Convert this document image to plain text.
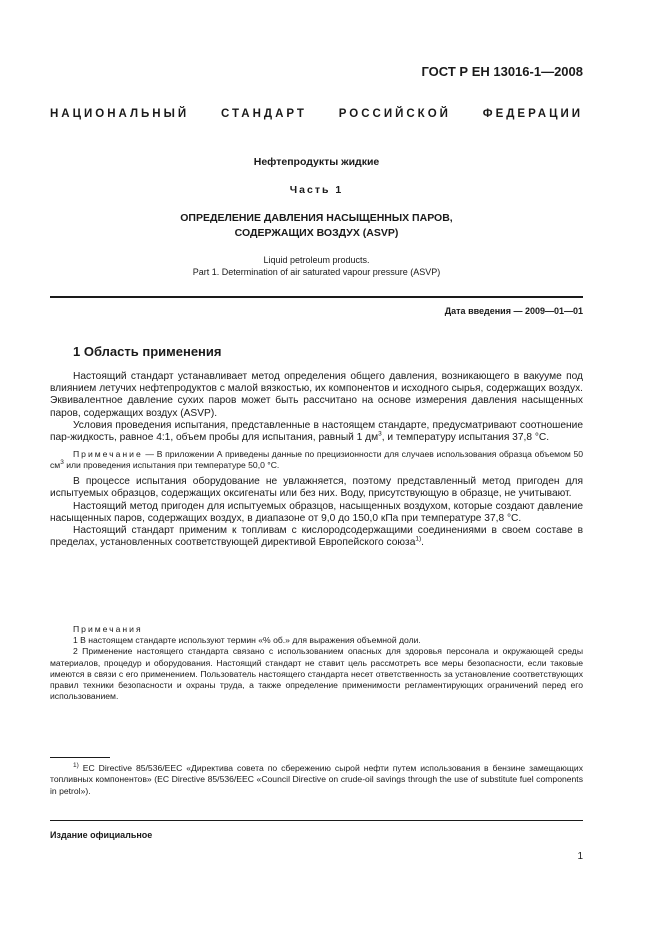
ГОСТ Р ЕН 13016-1—2008
НАЦИОНАЛЬНЫЙ СТАНДАРТ РОССИЙСКОЙ ФЕДЕРАЦИИ
Нефтепродукты жидкие
Часть 1
ОПРЕДЕЛЕНИЕ ДАВЛЕНИЯ НАСЫЩЕННЫХ ПАРОВ,
СОДЕРЖАЩИХ ВОЗДУХ (ASVP)
Liquid petroleum products.
Part 1. Determination of air saturated vapour pressure (ASVP)
Дата введения — 2009—01—01
1 Область применения

Настоящий стандарт устанавливает метод определения общего давления, возникающего в вакууме под влиянием летучих нефтепродуктов с малой вязкостью, их компонентов и исходного сырья, содержащих воздух. Эквивалентное давление сухих паров может быть рассчитано на основе измерения давления насыщенных паров, содержащих воздух (ASVP).

Условия проведения испытания, представленные в настоящем стандарте, предусматривают соотношение пар-жидкость, равное 4:1, объем пробы для испытания, равный 1 $дм^3$, и температуру испытания 37,8 °С.

Примечание — В приложении А приведены данные по прецизионности для случаев использования образца объемом 50 $см^3$ или проведения испытания при температуре 50,0 °С.

В процессе испытания оборудование не увлажняется, поэтому представленный метод пригоден для испытуемых образцов, содержащих оксигенаты или без них. Воду, присутствующую в образце, не учитывают.

Настоящий метод пригоден для испытуемых образцов, насыщенных воздухом, которые создают давление насыщенных паров, содержащих воздух, в диапазоне от 9,0 до 150,0 кПа при температуре 37,8 °С.

Настоящий стандарт применим к топливам с кислородсодержащими соединениями в своем составе в пределах, установленных соответствующей директивой Европейского союза$^{1)}$.

Примечания

1 В настоящем стандарте используют термин «% об.» для выражения объемной доли.

2 Применение настоящего стандарта связано с использованием опасных для здоровья персонала и окружающей среды материалов, процедур и оборудования. Настоящий стандарт не ставит цель рассмотреть все меры безопасности, если таковые имеются в связи с его применением. Пользователь настоящего стандарта несет ответственность за установление соответствующих правил техники безопасности и охраны труда, а также определение применимости регламентирующих ограничений перед его использованием.

$^{1)}$ ЕС Directive 85/536/ЕЕС «Директива совета по сбережению сырой нефти путем использования в бензине замещающих топливных компонентов» (ЕС Directive 85/536/ЕЕС «Council Directive on crude-oil savings through the use of substitute fuel components in petrol»).

Издание официальное
1
